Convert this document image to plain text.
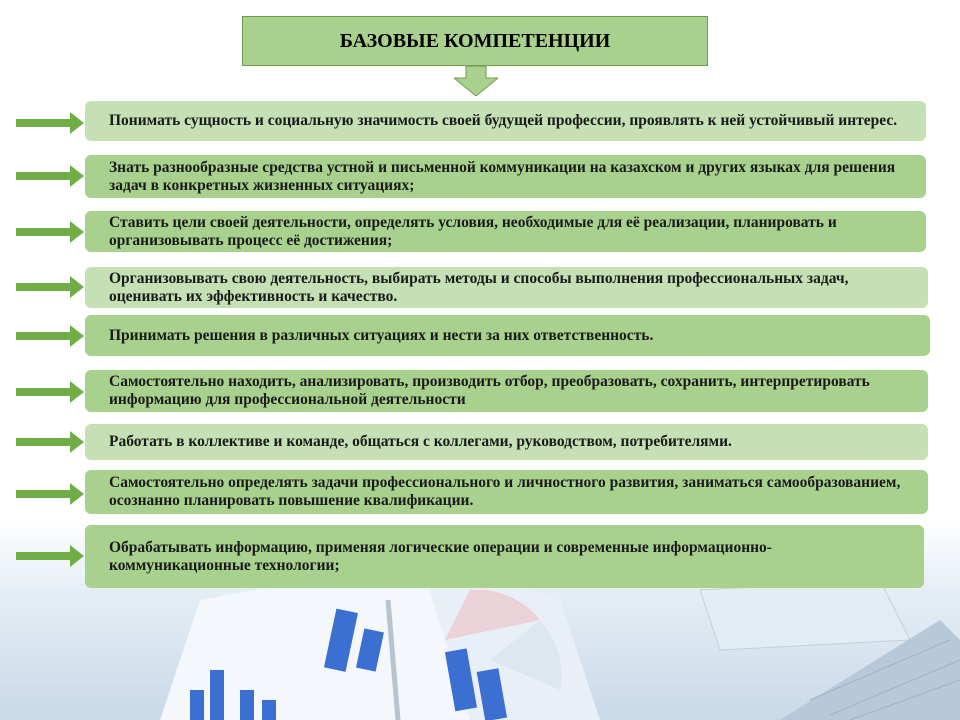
БАЗОВЫЕ КОМПЕТЕНЦИИ
Понимать сущность и социальную значимость своей будущей профессии, проявлять к ней устойчивый интерес.
Знать разнообразные средства устной и письменной коммуникации на казахском и других языках для решения задач в конкретных жизненных ситуациях;
Ставить цели своей деятельности, определять условия, необходимые для её реализации, планировать и организовывать процесс её достижения;
Организовывать свою деятельность, выбирать методы и способы выполнения профессиональных задач, оценивать их эффективность и качество.
Принимать решения в различных ситуациях и нести за них ответственность.
Самостоятельно находить, анализировать, производить отбор, преобразовать, сохранить, интерпретировать информацию для профессиональной деятельности
Работать в коллективе и команде, общаться с коллегами, руководством, потребителями.
Самостоятельно определять задачи профессионального и личностного развития, заниматься самообразованием, осознанно планировать повышение квалификации.
Обрабатывать информацию, применяя логические операции и современные информационно-коммуникационные технологии;
